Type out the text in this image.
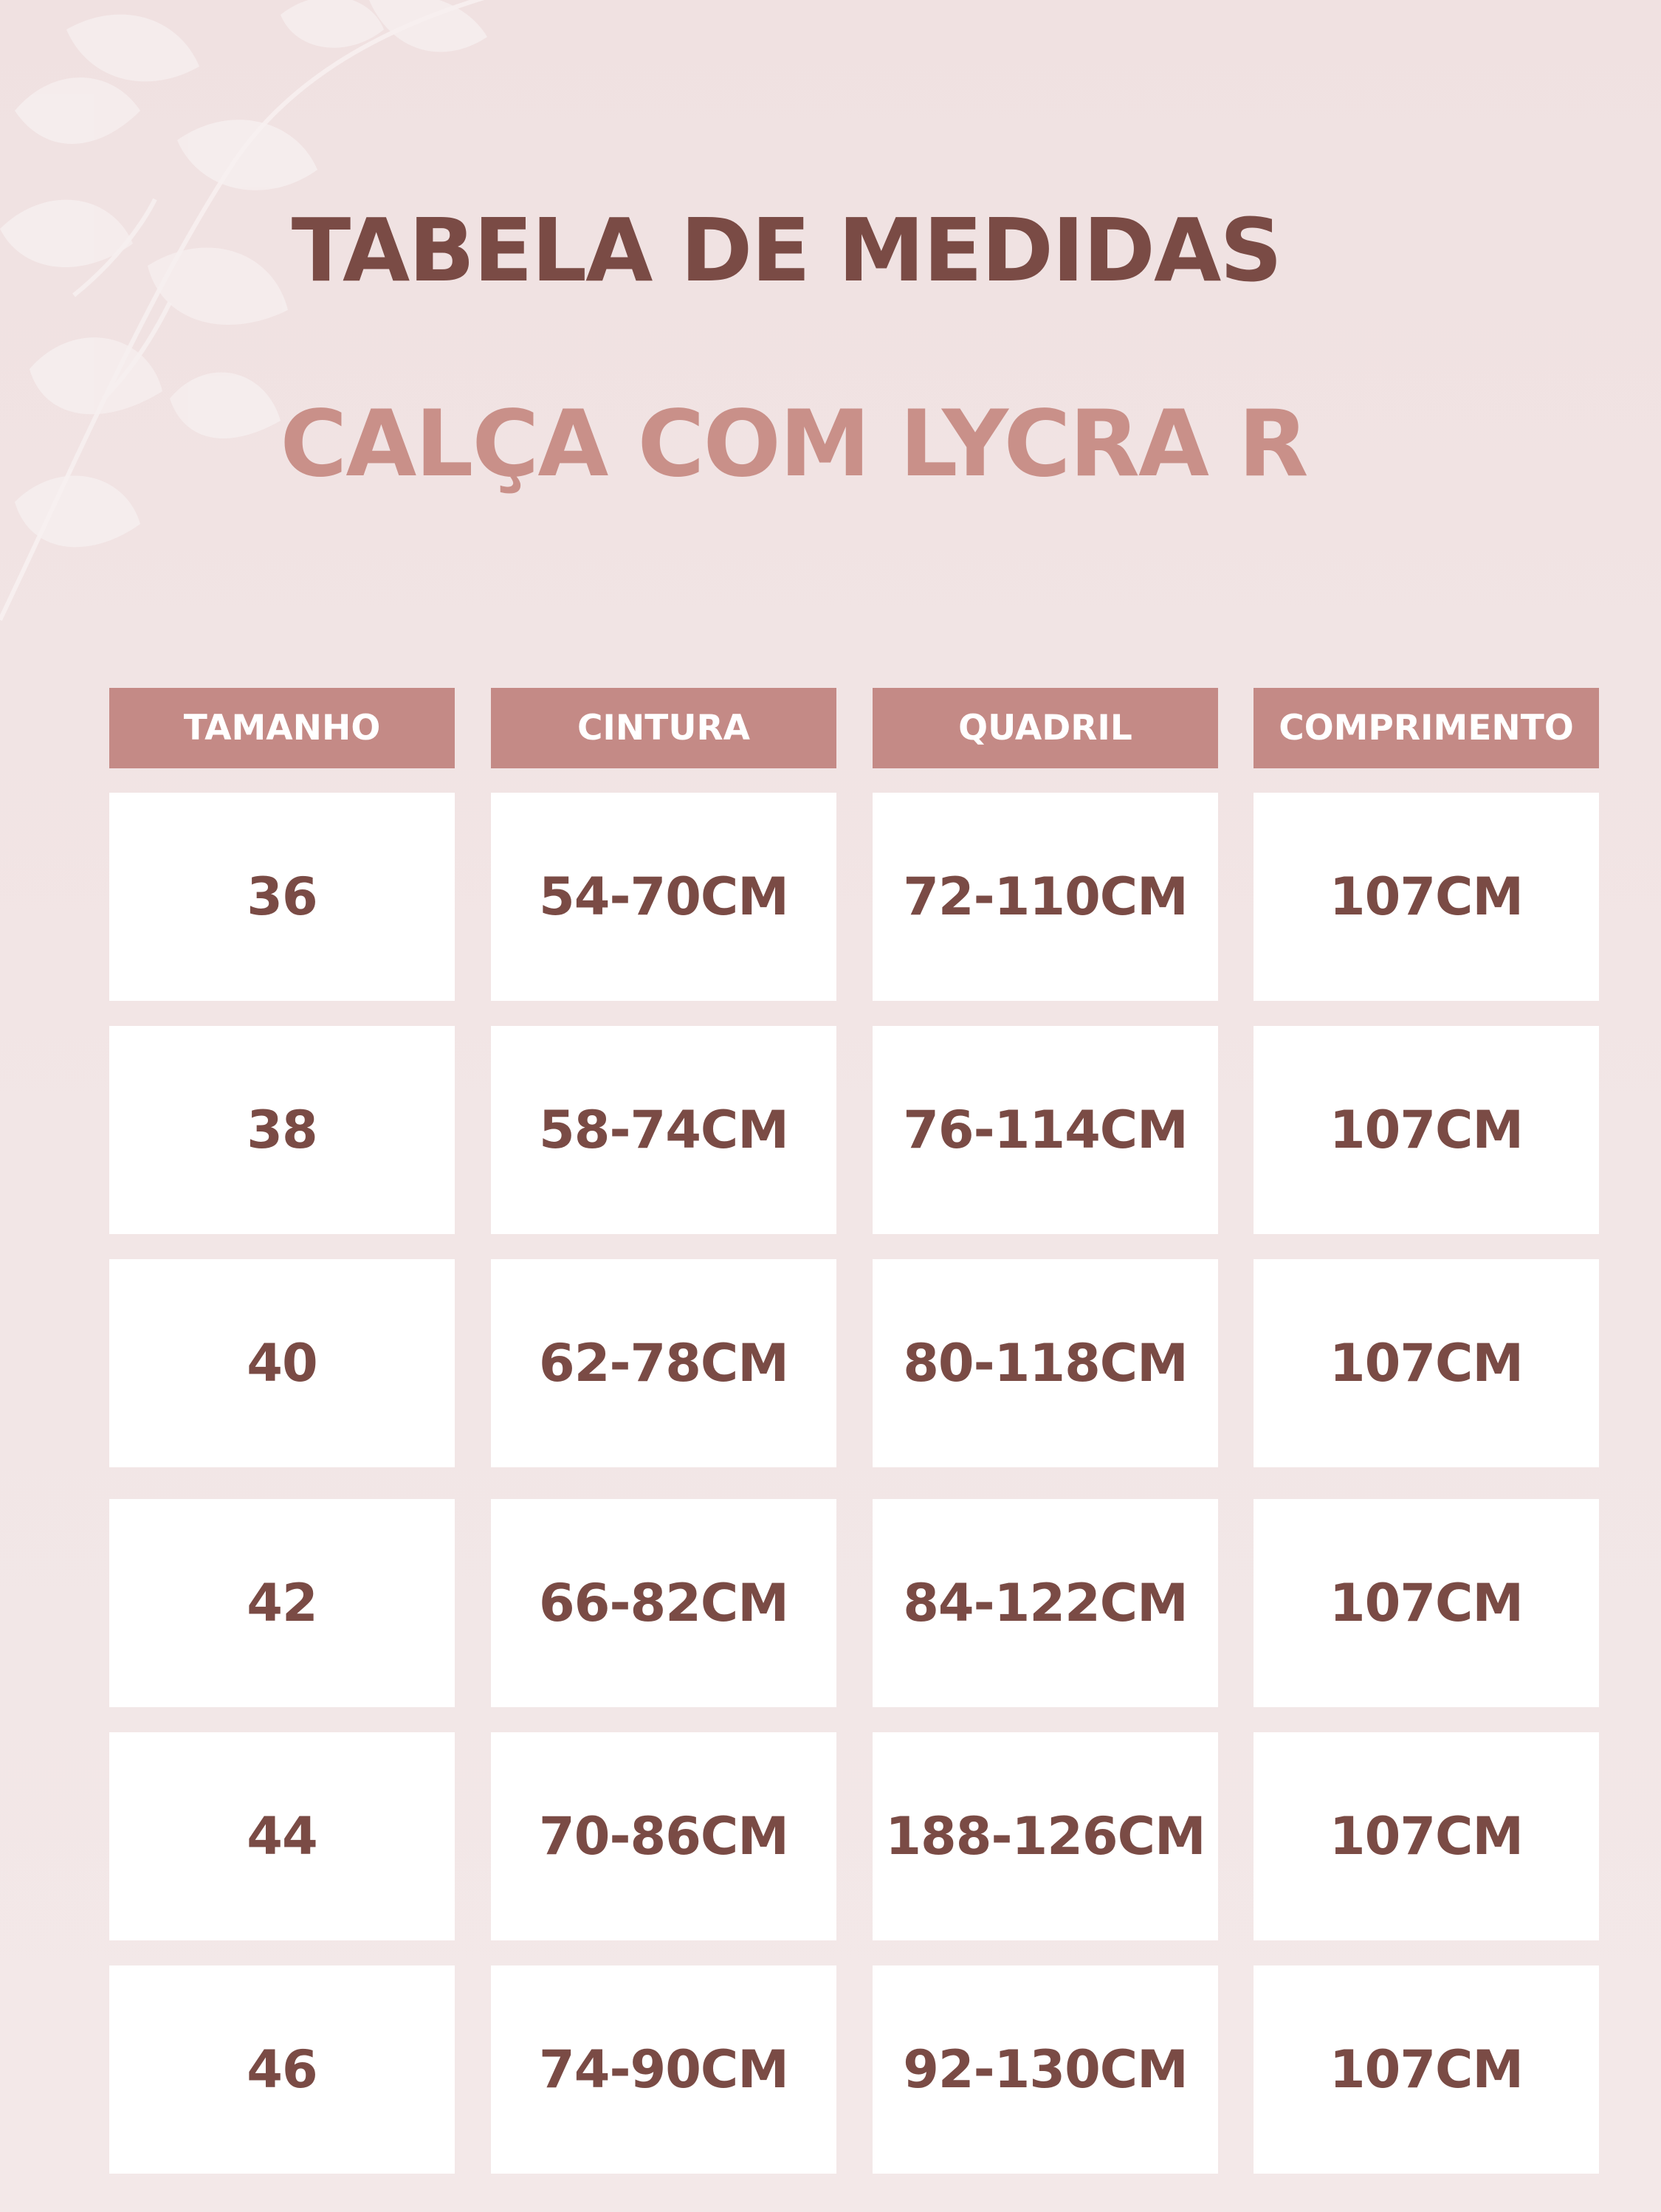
TABELA DE MEDIDAS
CALÇA COM LYCRA R
TAMANHO	CINTURA	QUADRIL	COMPRIMENTO
36	54-70CM	72-110CM	107CM
38	58-74CM	76-114CM	107CM
40	62-78CM	80-118CM	107CM
42	66-82CM	84-122CM	107CM
44	70-86CM	188-126CM	107CM
46	74-90CM	92-130CM	107CM
